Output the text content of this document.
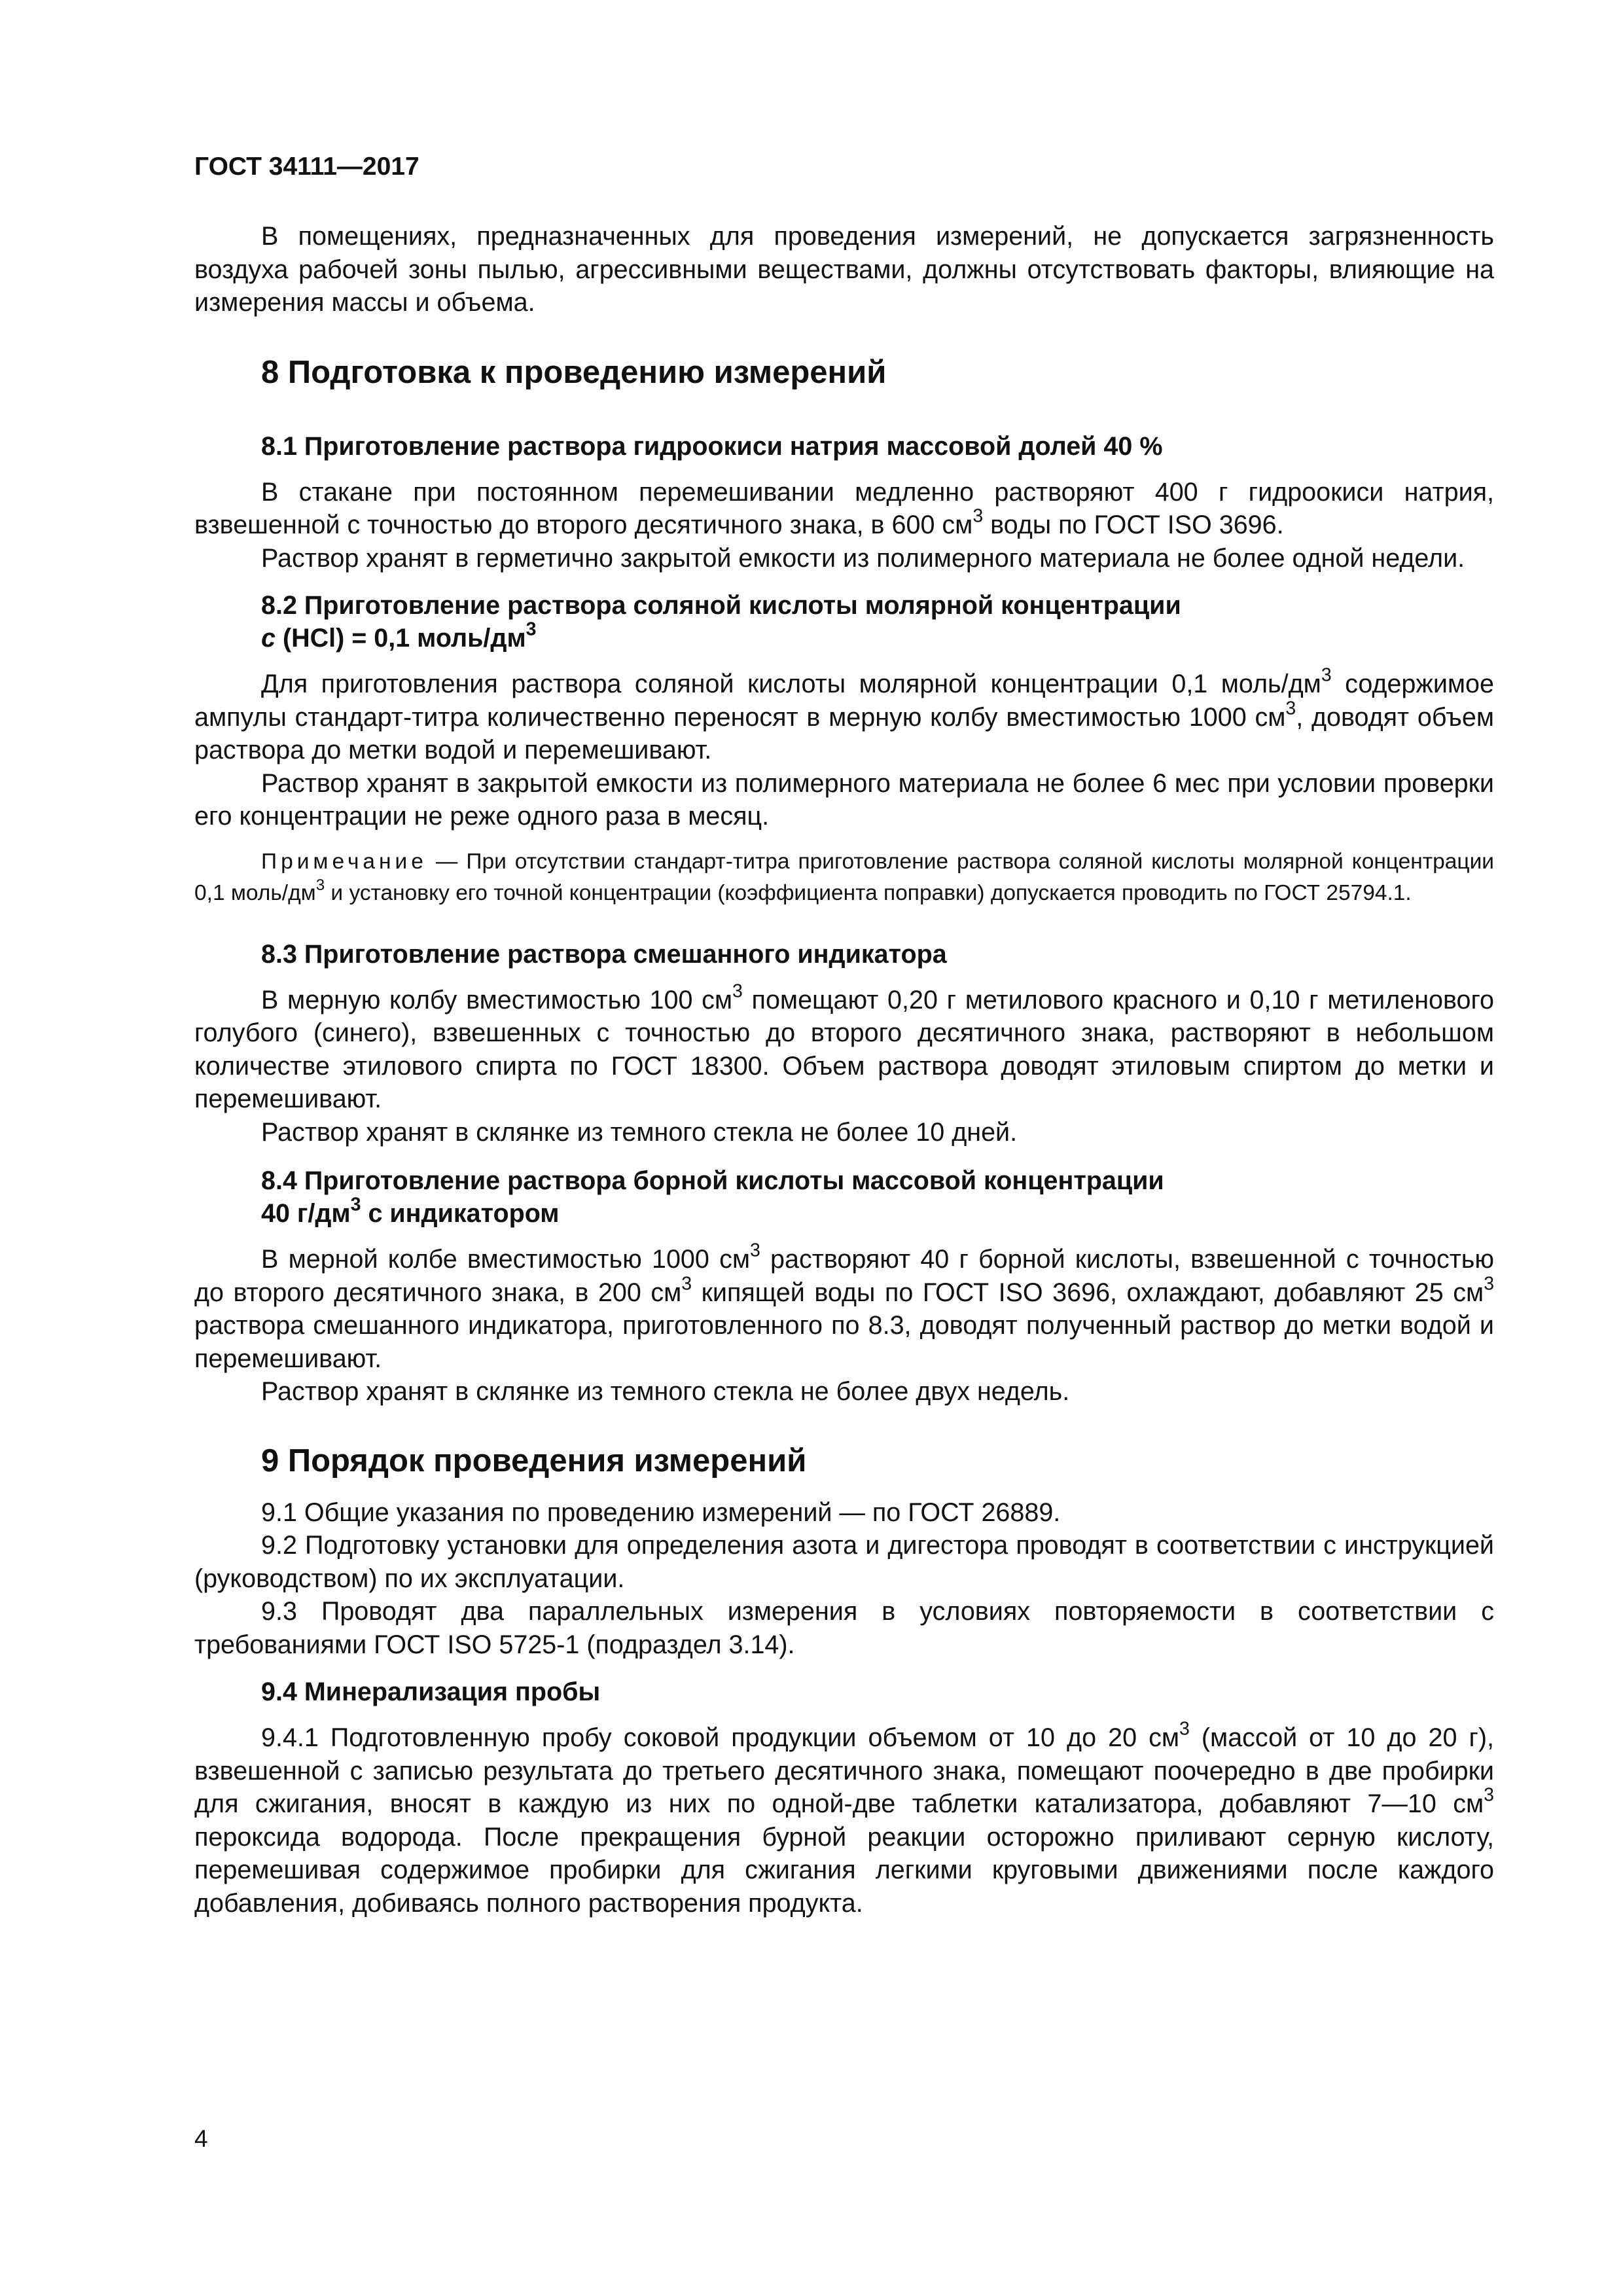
ГОСТ 34111—2017

В помещениях, предназначенных для проведения измерений, не допускается загрязненность воздуха рабочей зоны пылью, агрессивными веществами, должны отсутствовать факторы, влияющие на измерения массы и объема.

8 Подготовка к проведению измерений
8.1 Приготовление раствора гидроокиси натрия массовой долей 40 %

В стакане при постоянном перемешивании медленно растворяют 400 г гидроокиси натрия, взвешенной с точностью до второго десятичного знака, в 600 $см^3$ воды по ГОСТ ISO 3696.

Раствор хранят в герметично закрытой емкости из полимерного материала не более одной недели.

8.2 Приготовление раствора соляной кислоты молярной концентрации
с (HCl) = 0,1 моль/$дм^3$

Для приготовления раствора соляной кислоты молярной концентрации 0,1 моль/$дм^3$ содержимое ампулы стандарт-титра количественно переносят в мерную колбу вместимостью 1000 $см^3$, доводят объем раствора до метки водой и перемешивают.

Раствор хранят в закрытой емкости из полимерного материала не более 6 мес при условии проверки его концентрации не реже одного раза в месяц.

Примечание — При отсутствии стандарт-титра приготовление раствора соляной кислоты молярной концентрации 0,1 моль/$дм^3$ и установку его точной концентрации (коэффициента поправки) допускается проводить по ГОСТ 25794.1.

8.3 Приготовление раствора смешанного индикатора

В мерную колбу вместимостью 100 $см^3$ помещают 0,20 г метилового красного и 0,10 г метиленового голубого (синего), взвешенных с точностью до второго десятичного знака, растворяют в небольшом количестве этилового спирта по ГОСТ 18300. Объем раствора доводят этиловым спиртом до метки и перемешивают.

Раствор хранят в склянке из темного стекла не более 10 дней.

8.4 Приготовление раствора борной кислоты массовой концентрации
40 $г/дм^3$ с индикатором

В мерной колбе вместимостью 1000 $см^3$ растворяют 40 г борной кислоты, взвешенной с точностью до второго десятичного знака, в 200 $см^3$ кипящей воды по ГОСТ ISO 3696, охлаждают, добавляют 25 $см^3$ раствора смешанного индикатора, приготовленного по 8.3, доводят полученный раствор до метки водой и перемешивают.

Раствор хранят в склянке из темного стекла не более двух недель.

9 Порядок проведения измерений

9.1 Общие указания по проведению измерений — по ГОСТ 26889.

9.2 Подготовку установки для определения азота и дигестора проводят в соответствии с инструкцией (руководством) по их эксплуатации.

9.3 Проводят два параллельных измерения в условиях повторяемости в соответствии с требованиями ГОСТ ISO 5725-1 (подраздел 3.14).

9.4 Минерализация пробы

9.4.1 Подготовленную пробу соковой продукции объемом от 10 до 20 $см^3$ (массой от 10 до 20 г), взвешенной с записью результата до третьего десятичного знака, помещают поочередно в две пробирки для сжигания, вносят в каждую из них по одной-две таблетки катализатора, добавляют 7—10 $см^3$ пероксида водорода. После прекращения бурной реакции осторожно приливают серную кислоту, перемешивая содержимое пробирки для сжигания легкими круговыми движениями после каждого добавления, добиваясь полного растворения продукта.

4
